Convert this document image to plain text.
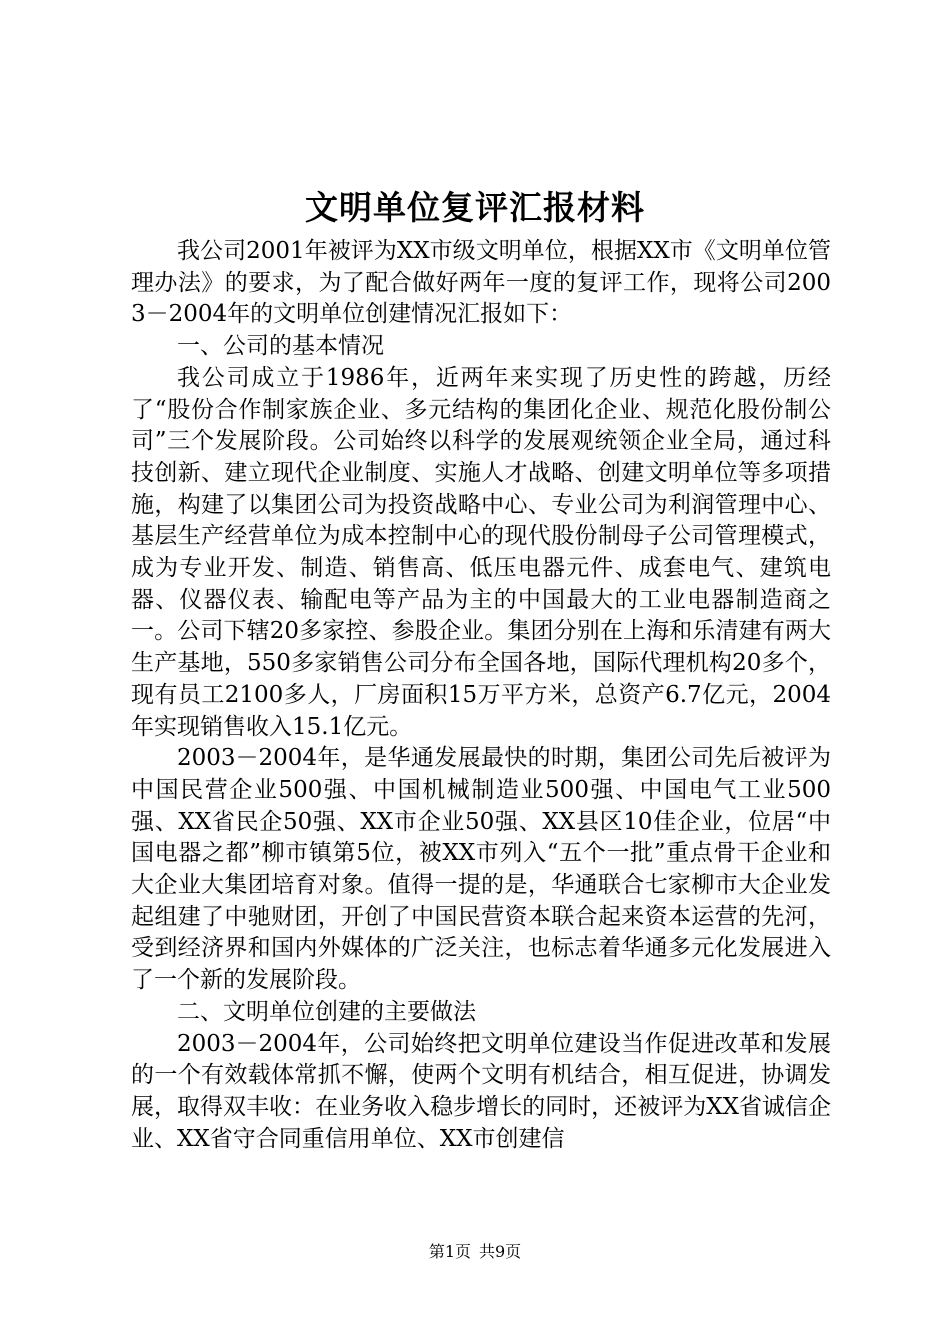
文明单位复评汇报材料

我公司2001年被评为XX市级文明单位，根据XX市《文明单位管理办法》的要求，为了配合做好两年一度的复评工作，现将公司2003－2004年的文明单位创建情况汇报如下：

一、公司的基本情况

我公司成立于1986年，近两年来实现了历史性的跨越，历经了“股份合作制家族企业、多元结构的集团化企业、规范化股份制公司”三个发展阶段。公司始终以科学的发展观统领企业全局，通过科技创新、建立现代企业制度、实施人才战略、创建文明单位等多项措施，构建了以集团公司为投资战略中心、专业公司为利润管理中心、基层生产经营单位为成本控制中心的现代股份制母子公司管理模式，成为专业开发、制造、销售高、低压电器元件、成套电气、建筑电器、仪器仪表、输配电等产品为主的中国最大的工业电器制造商之一。公司下辖20多家控、参股企业。集团分别在上海和乐清建有两大生产基地，550多家销售公司分布全国各地，国际代理机构20多个，现有员工2100多人，厂房面积15万平方米，总资产6.7亿元，2004年实现销售收入15.1亿元。

2003－2004年，是华通发展最快的时期，集团公司先后被评为中国民营企业500强、中国机械制造业500强、中国电气工业500强、XX省民企50强、XX市企业50强、XX县区10佳企业，位居“中国电器之都”柳市镇第5位，被XX市列入“五个一批”重点骨干企业和大企业大集团培育对象。值得一提的是，华通联合七家柳市大企业发起组建了中驰财团，开创了中国民营资本联合起来资本运营的先河，受到经济界和国内外媒体的广泛关注，也标志着华通多元化发展进入了一个新的发展阶段。

二、文明单位创建的主要做法

2003－2004年，公司始终把文明单位建设当作促进改革和发展的一个有效载体常抓不懈，使两个文明有机结合，相互促进，协调发展，取得双丰收：在业务收入稳步增长的同时，还被评为XX省诚信企业、XX省守合同重信用单位、XX市创建信

第1页 共9页
